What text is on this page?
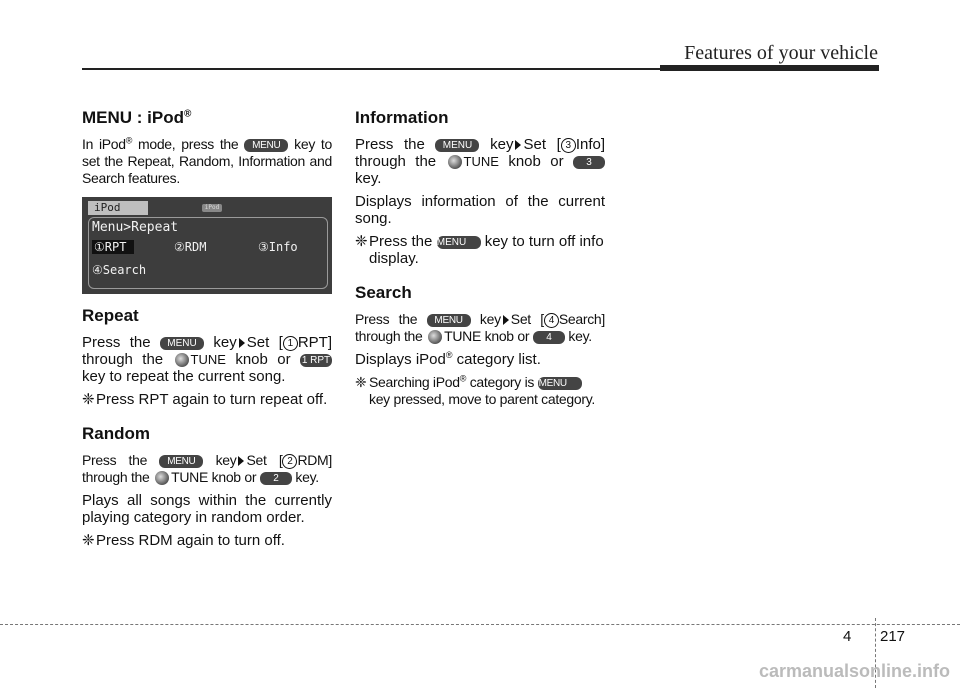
Features of your vehicle
MENU : iPod®

In iPod® mode, press the MENU key to set the Repeat, Random, Information and Search features.

iPod	iPod
Menu>Repeat
①RPT	②RDM	③Info
④Search
Repeat

Press the MENU key Set [ 1 RPT] through the TUNE knob or 1 RPT key to repeat the current song.

❈Press RPT again to turn repeat off.

Random

Press the MENU key Set [ 2 RDM] through the TUNE knob or 2 key.

Plays all songs within the currently playing category in random order.

❈Press RDM again to turn off.

Information

Press the MENU key Set [ 3 Info] through the TUNE knob or 3 key.

Displays information of the current song.

❈Press the MENU key to turn off info display.

Search

Press the MENU key Set [ 4 Search] through the TUNE knob or 4 key.

Displays iPod® category list.

❈ Searching iPod® category is MENU key pressed, move to parent category.

4 217
carmanualsonline.info
